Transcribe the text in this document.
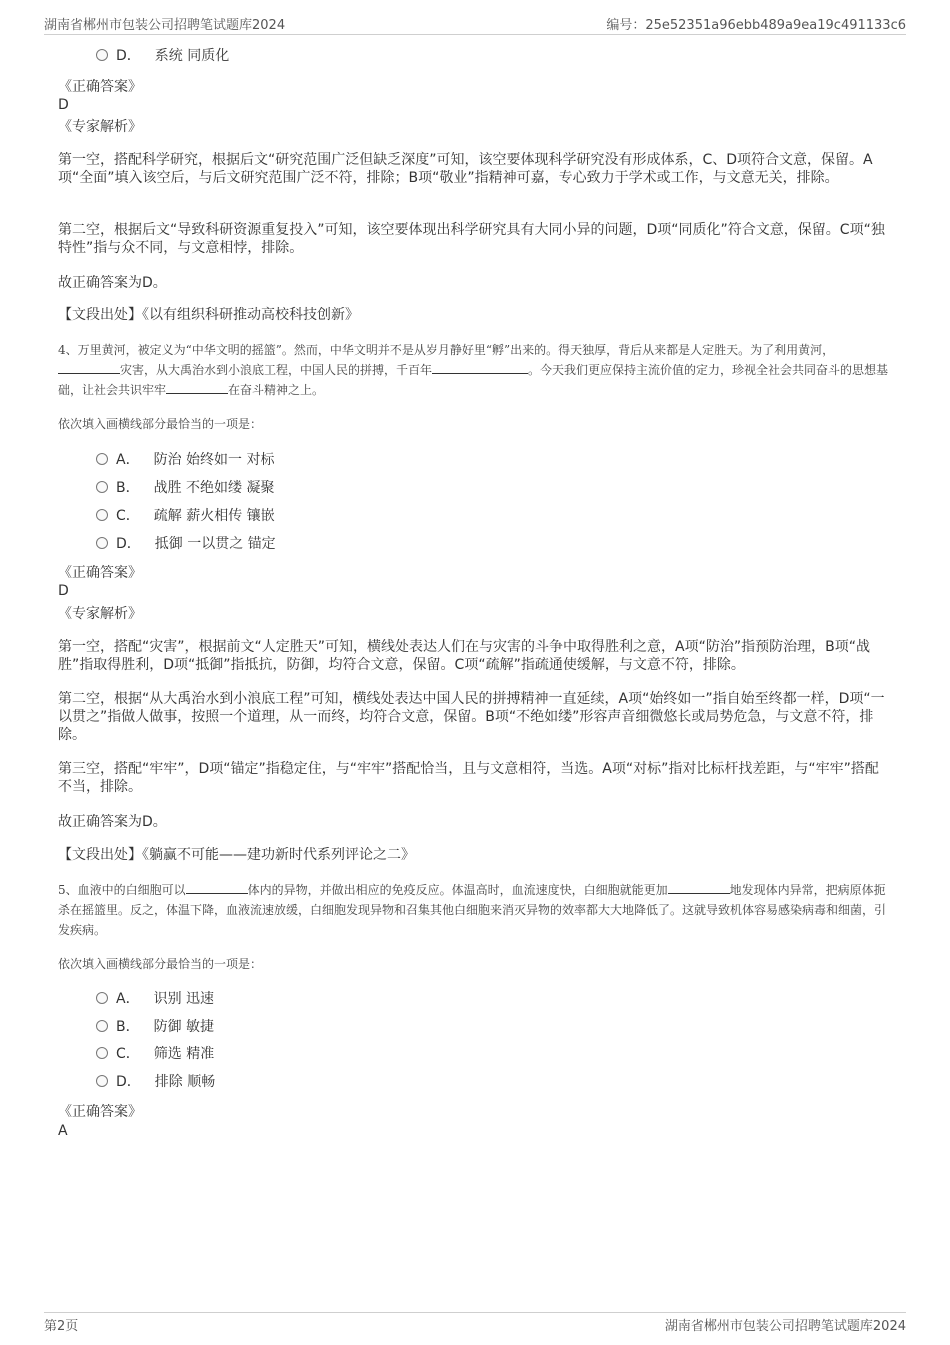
湖南省郴州市包装公司招聘笔试题库2024	编号：25e52351a96ebb489a9ea19c491133c6
D． 系统 同质化
《正确答案》
D
《专家解析》
第一空，搭配科学研究，根据后文“研究范围广泛但缺乏深度”可知，该空要体现科学研究没有形成体系，C、D项符合文意，保留。A项“全面”填入该空后，与后文研究范围广泛不符，排除；B项“敬业”指精神可嘉，专心致力于学术或工作，与文意无关，排除。
第二空，根据后文“导致科研资源重复投入”可知，该空要体现出科学研究具有大同小异的问题，D项“同质化”符合文意，保留。C项“独特性”指与众不同，与文意相悖，排除。
故正确答案为D。
【文段出处】《以有组织科研推动高校科技创新》
4、万里黄河，被定义为“中华文明的摇篮”。然而，中华文明并不是从岁月静好里“孵”出来的。得天独厚，背后从来都是人定胜天。为了利用黄河，灾害，从大禹治水到小浪底工程，中国人民的拼搏，千百年	。今天我们更应保持主流价值的定力，珍视全社会共同奋斗的思想基础，让社会共识牢牢	在奋斗精神之上。
依次填入画横线部分最恰当的一项是：
A． 防治 始终如一 对标
B． 战胜 不绝如缕 凝聚
C． 疏解 薪火相传 镶嵌
D． 抵御 一以贯之 锚定
《正确答案》
D
《专家解析》
第一空，搭配“灾害”，根据前文“人定胜天”可知，横线处表达人们在与灾害的斗争中取得胜利之意，A项“防治”指预防治理，B项“战胜”指取得胜利，D项“抵御”指抵抗，防御，均符合文意，保留。C项“疏解”指疏通使缓解，与文意不符，排除。
第二空，根据“从大禹治水到小浪底工程”可知，横线处表达中国人民的拼搏精神一直延续，A项“始终如一”指自始至终都一样，D项“一以贯之”指做人做事，按照一个道理，从一而终，均符合文意，保留。B项“不绝如缕”形容声音细微悠长或局势危急，与文意不符，排除。
第三空，搭配“牢牢”，D项“锚定”指稳定住，与“牢牢”搭配恰当，且与文意相符，当选。A项“对标”指对比标杆找差距，与“牢牢”搭配不当，排除。
故正确答案为D。
【文段出处】《躺赢不可能——建功新时代系列评论之二》
5、血液中的白细胞可以	体内的异物，并做出相应的免疫反应。体温高时，血流速度快，白细胞就能更加	地发现体内异常，把病原体扼杀在摇篮里。反之，体温下降，血液流速放缓，白细胞发现异物和召集其他白细胞来消灭异物的效率都大大地降低了。这就导致机体容易感染病毒和细菌，引发疾病。
依次填入画横线部分最恰当的一项是：
A． 识别 迅速
B． 防御 敏捷
C． 筛选 精准
D． 排除 顺畅
《正确答案》
A
第2页	湖南省郴州市包装公司招聘笔试题库2024
